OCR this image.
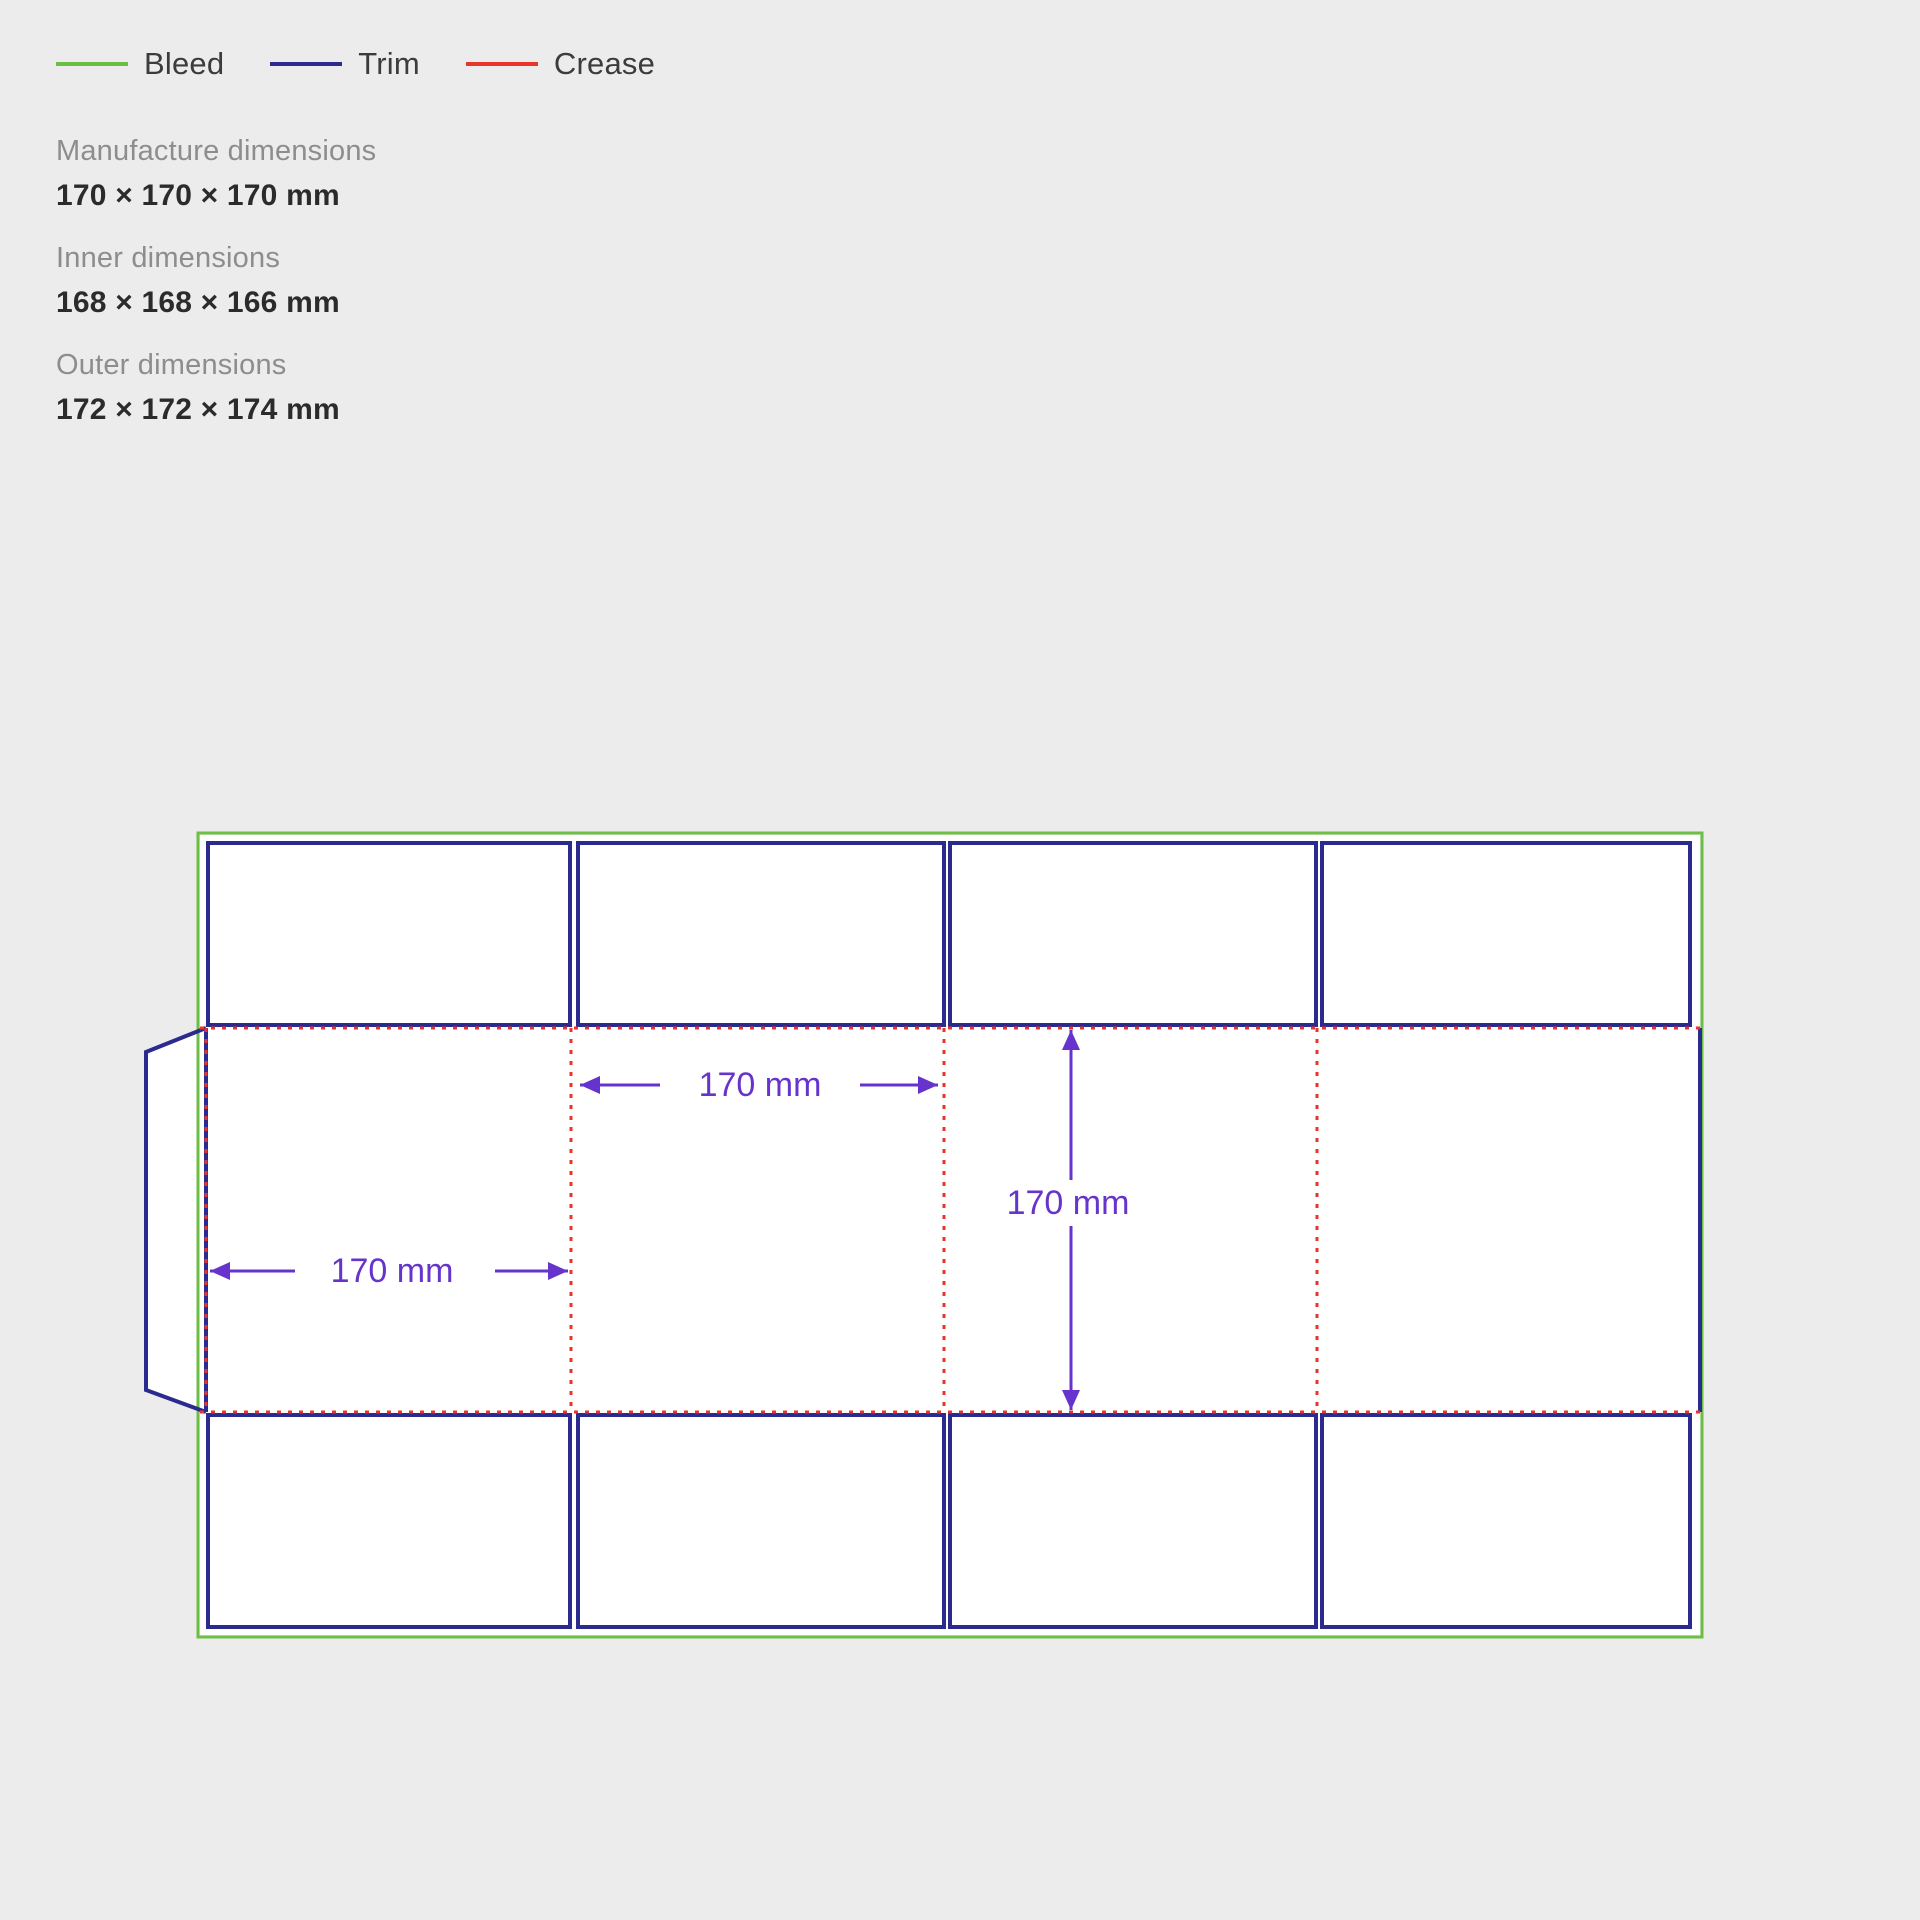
Bleed	Trim	Crease

Manufacture dimensions

170 × 170 × 170 mm

Inner dimensions

168 × 168 × 166 mm

Outer dimensions

172 × 172 × 174 mm

170 mm
170 mm
170 mm
